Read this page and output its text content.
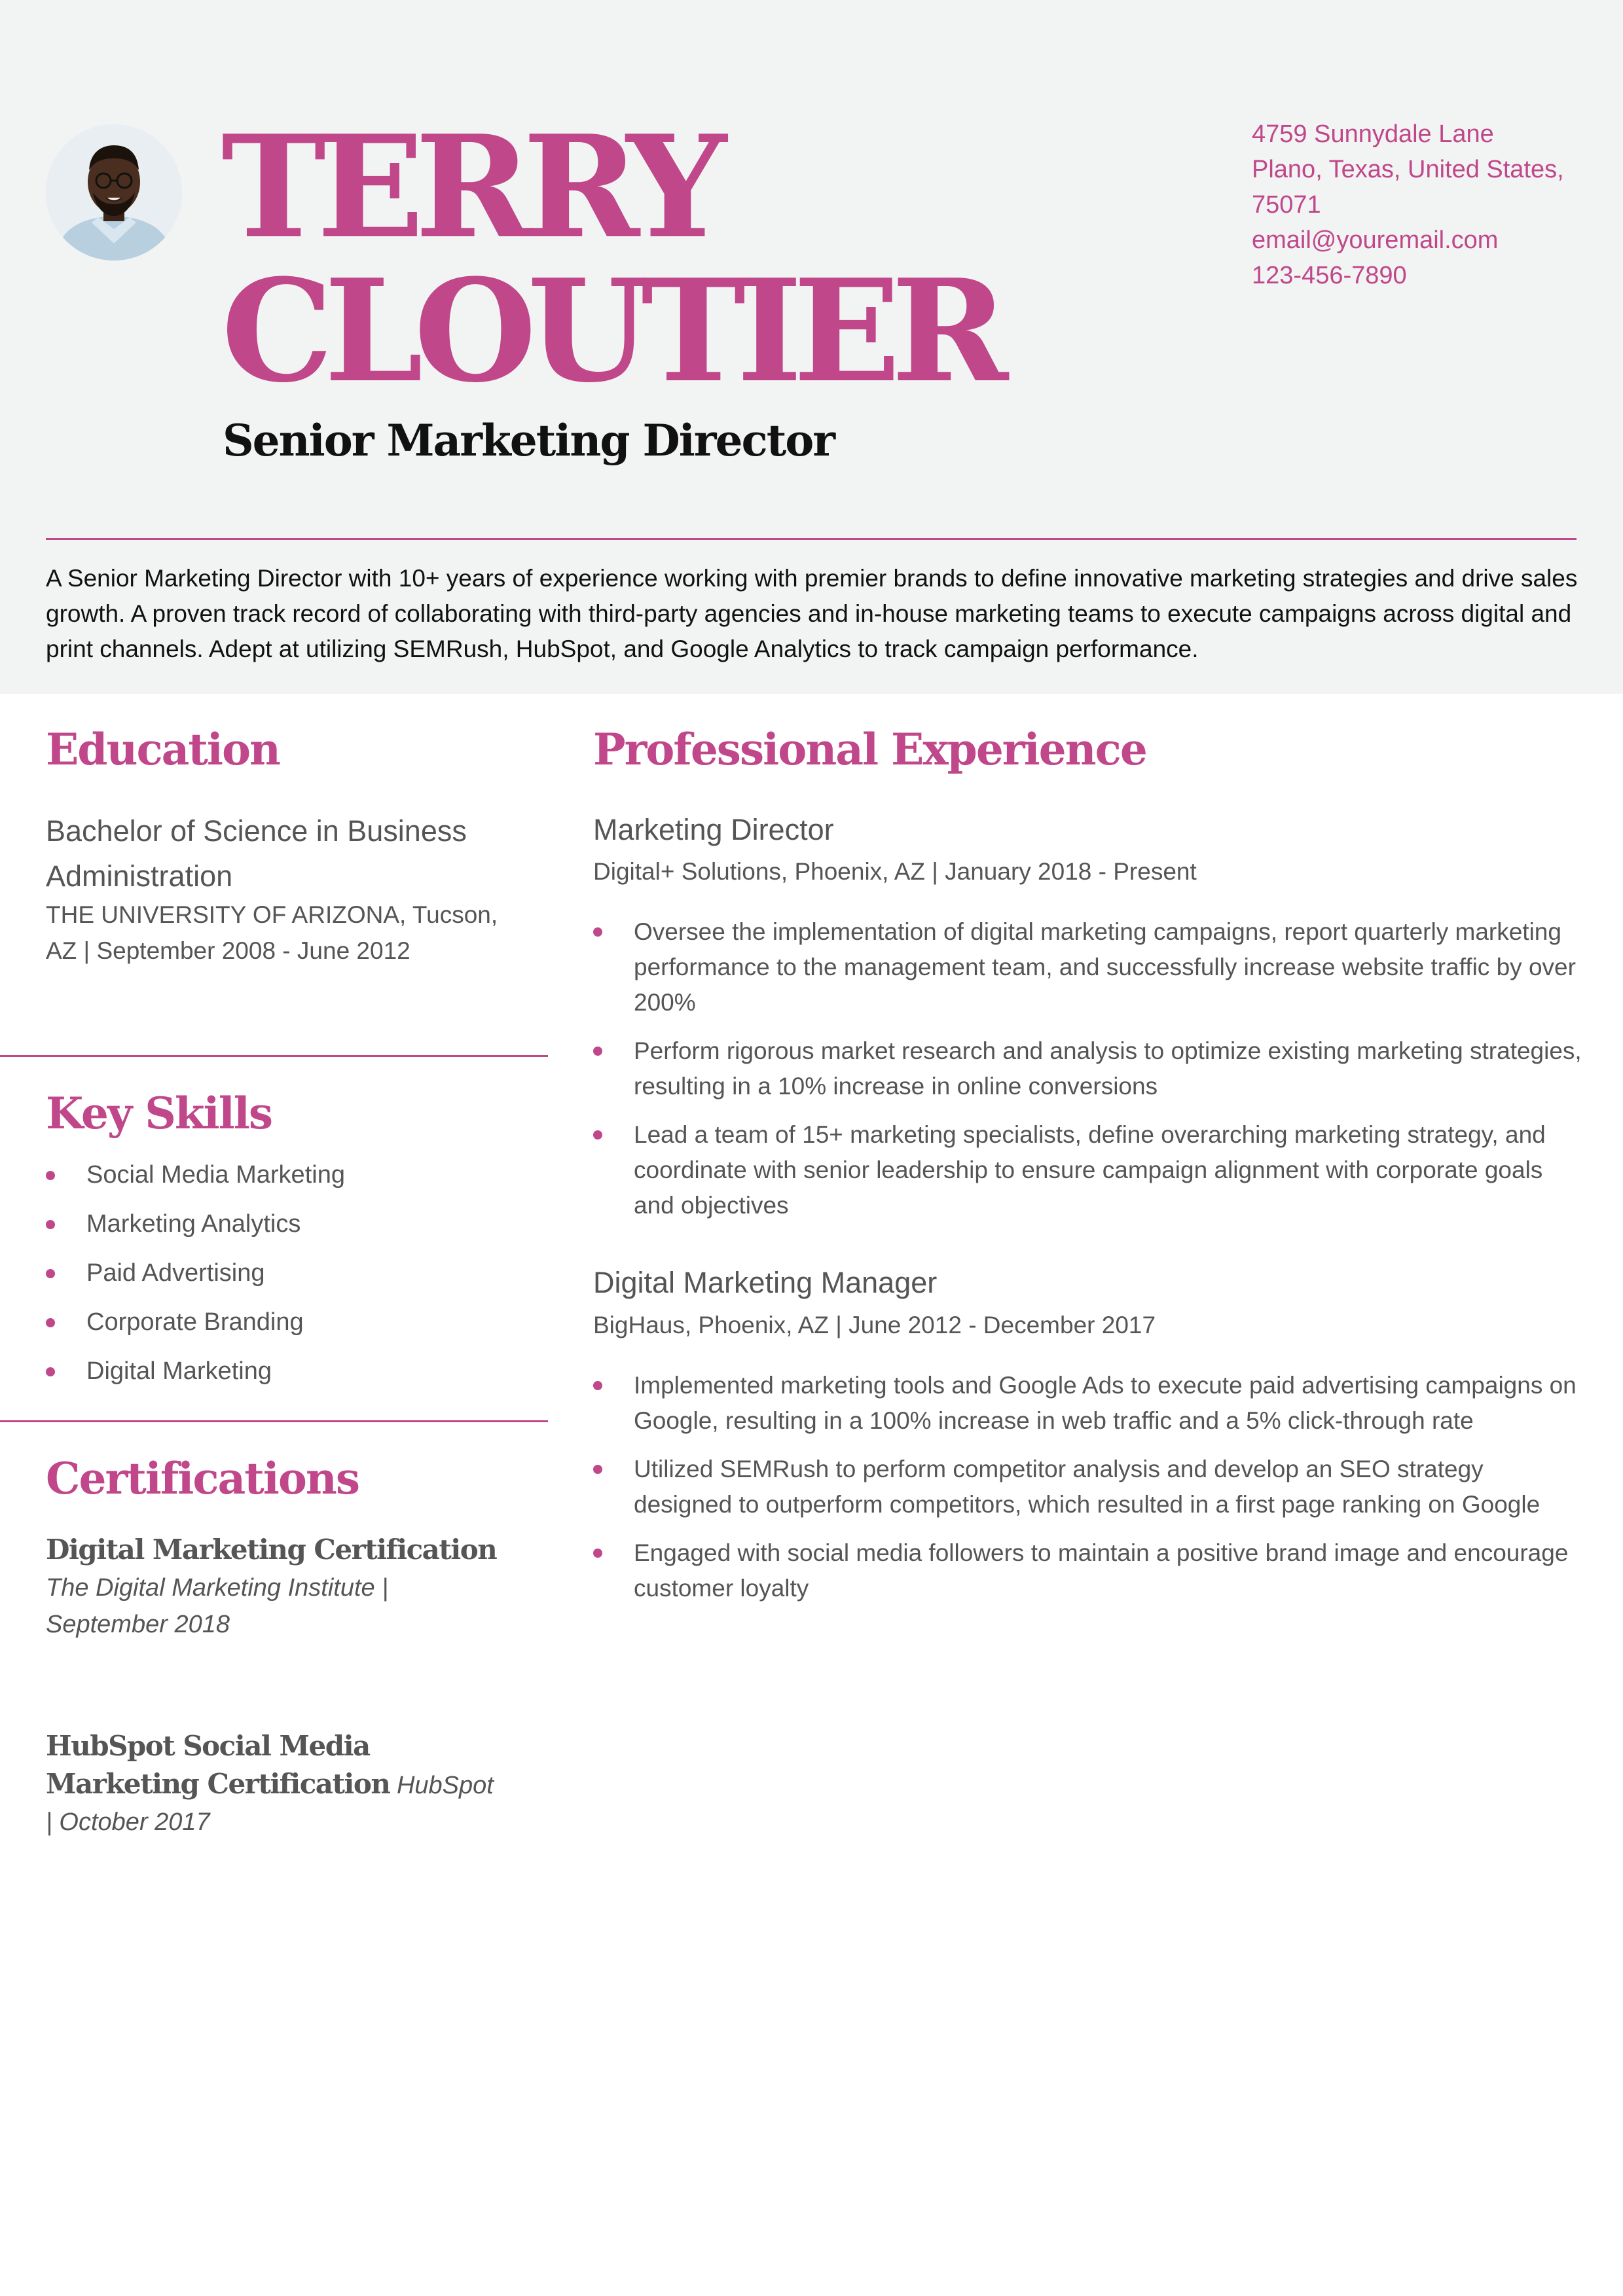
TERRY
CLOUTIER
Senior Marketing Director
4759 Sunnydale Lane
Plano, Texas, United States,
75071
email@youremail.com
123-456-7890
A Senior Marketing Director with 10+ years of experience working with premier brands to define innovative marketing strategies and drive sales growth. A proven track record of collaborating with third-party agencies and in-house marketing teams to execute campaigns across digital and print channels. Adept at utilizing SEMRush, HubSpot, and Google Analytics to track campaign performance.
Education
Bachelor of Science in Business Administration
THE UNIVERSITY OF ARIZONA, Tucson, AZ | September 2008 - June 2012
Key Skills
Social Media Marketing
Marketing Analytics
Paid Advertising
Corporate Branding
Digital Marketing
Certifications
Digital Marketing Certification The Digital Marketing Institute | September 2018
HubSpot Social Media Marketing Certification HubSpot | October 2017
Professional Experience
Marketing Director
Digital+ Solutions, Phoenix, AZ | January 2018 - Present
Oversee the implementation of digital marketing campaigns, report quarterly marketing performance to the management team, and successfully increase website traffic by over 200%
Perform rigorous market research and analysis to optimize existing marketing strategies, resulting in a 10% increase in online conversions
Lead a team of 15+ marketing specialists, define overarching marketing strategy, and coordinate with senior leadership to ensure campaign alignment with corporate goals and objectives
Digital Marketing Manager
BigHaus, Phoenix, AZ | June 2012 - December 2017
Implemented marketing tools and Google Ads to execute paid advertising campaigns on Google, resulting in a 100% increase in web traffic and a 5% click-through rate
Utilized SEMRush to perform competitor analysis and develop an SEO strategy designed to outperform competitors, which resulted in a first page ranking on Google
Engaged with social media followers to maintain a positive brand image and encourage customer loyalty
